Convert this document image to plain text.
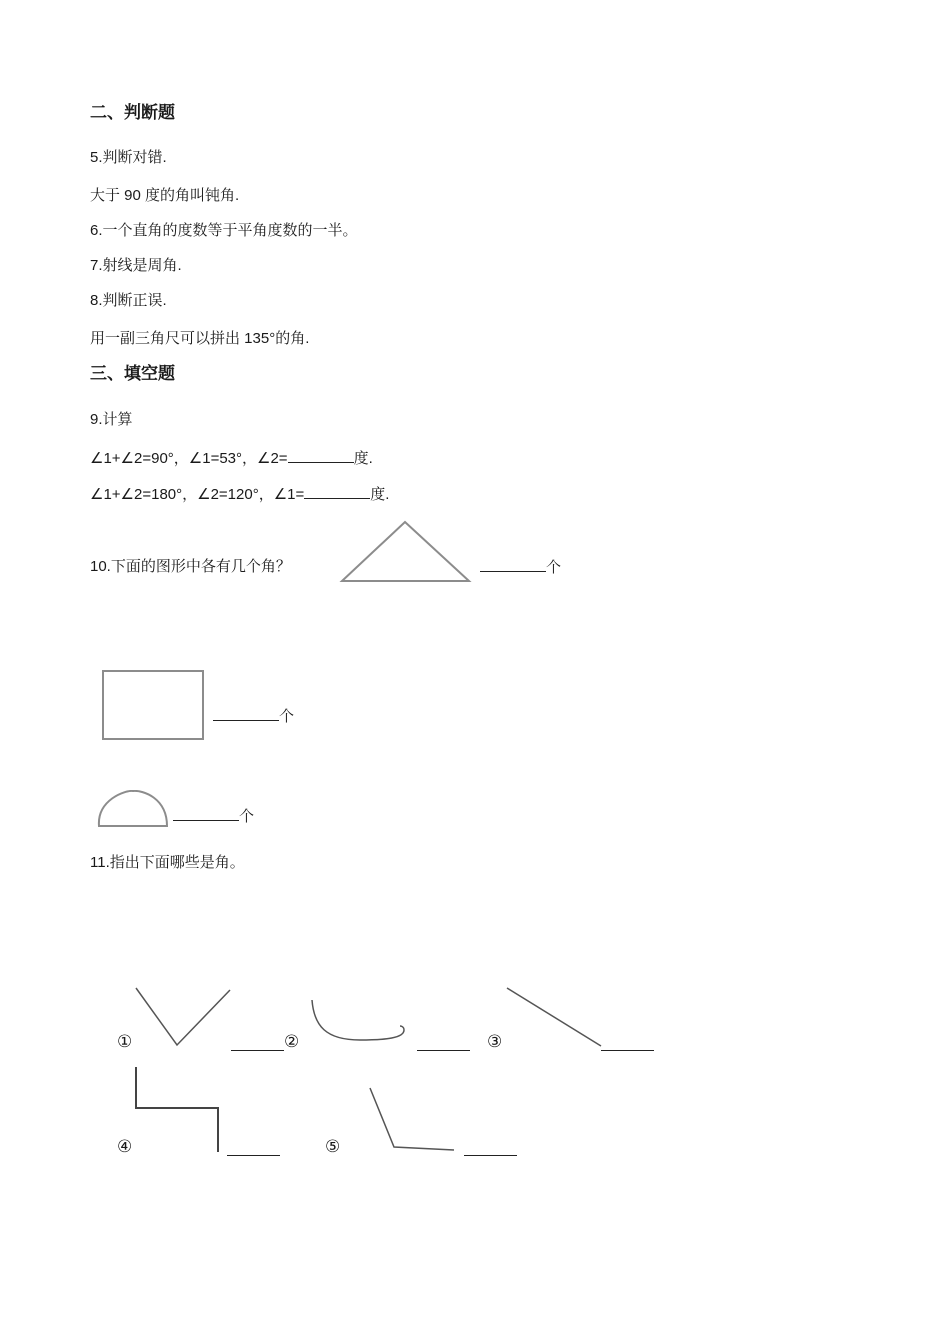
二、判断题
5.判断对错.
大于 90 度的角叫钝角.
6.一个直角的度数等于平角度数的一半。
7.射线是周角.
8.判断正误.
用一副三角尺可以拼出 135°的角.
三、填空题
9.计算
∠1+∠2=90°，∠1=53°，∠2=	度.
∠1+∠2=180°，∠2=120°，∠1=	度.
10.下面的图形中各有几个角？	个
个
个
11.指出下面哪些是角。
①	②	③
④	⑤
